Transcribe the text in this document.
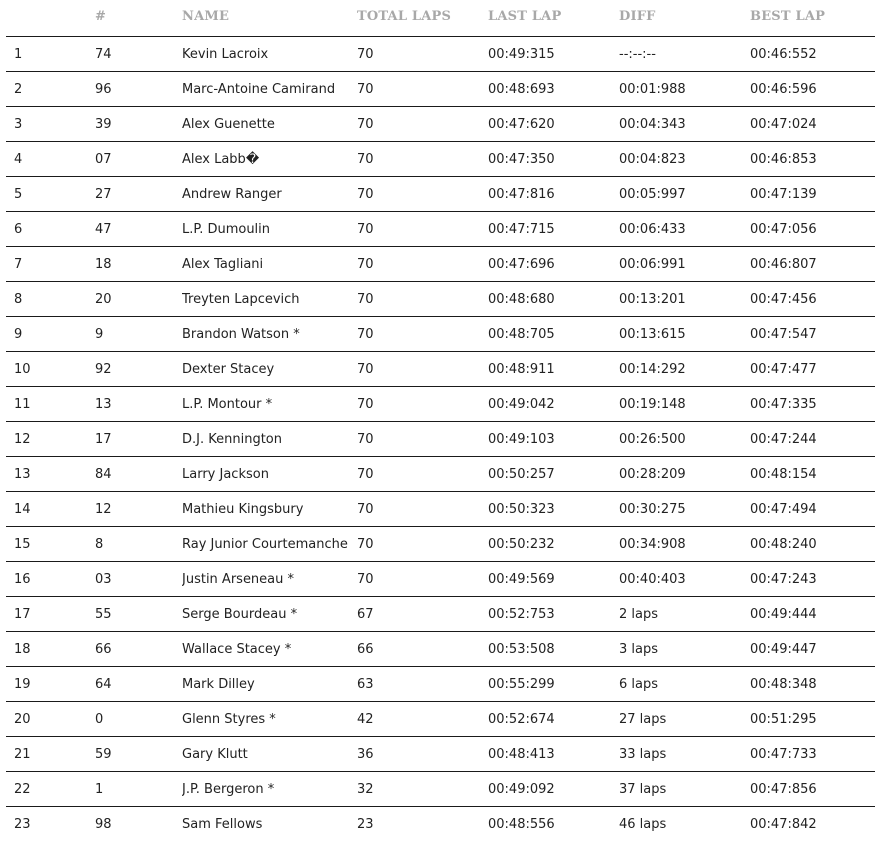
	#	NAME	TOTAL LAPS	LAST LAP	DIFF	BEST LAP
1	74	Kevin Lacroix	70	00:49:315	--:--:--	00:46:552
2	96	Marc-Antoine Camirand	70	00:48:693	00:01:988	00:46:596
3	39	Alex Guenette	70	00:47:620	00:04:343	00:47:024
4	07	Alex Labb�	70	00:47:350	00:04:823	00:46:853
5	27	Andrew Ranger	70	00:47:816	00:05:997	00:47:139
6	47	L.P. Dumoulin	70	00:47:715	00:06:433	00:47:056
7	18	Alex Tagliani	70	00:47:696	00:06:991	00:46:807
8	20	Treyten Lapcevich	70	00:48:680	00:13:201	00:47:456
9	9	Brandon Watson *	70	00:48:705	00:13:615	00:47:547
10	92	Dexter Stacey	70	00:48:911	00:14:292	00:47:477
11	13	L.P. Montour *	70	00:49:042	00:19:148	00:47:335
12	17	D.J. Kennington	70	00:49:103	00:26:500	00:47:244
13	84	Larry Jackson	70	00:50:257	00:28:209	00:48:154
14	12	Mathieu Kingsbury	70	00:50:323	00:30:275	00:47:494
15	8	Ray Junior Courtemanche	70	00:50:232	00:34:908	00:48:240
16	03	Justin Arseneau *	70	00:49:569	00:40:403	00:47:243
17	55	Serge Bourdeau *	67	00:52:753	2 laps	00:49:444
18	66	Wallace Stacey *	66	00:53:508	3 laps	00:49:447
19	64	Mark Dilley	63	00:55:299	6 laps	00:48:348
20	0	Glenn Styres *	42	00:52:674	27 laps	00:51:295
21	59	Gary Klutt	36	00:48:413	33 laps	00:47:733
22	1	J.P. Bergeron *	32	00:49:092	37 laps	00:47:856
23	98	Sam Fellows	23	00:48:556	46 laps	00:47:842
